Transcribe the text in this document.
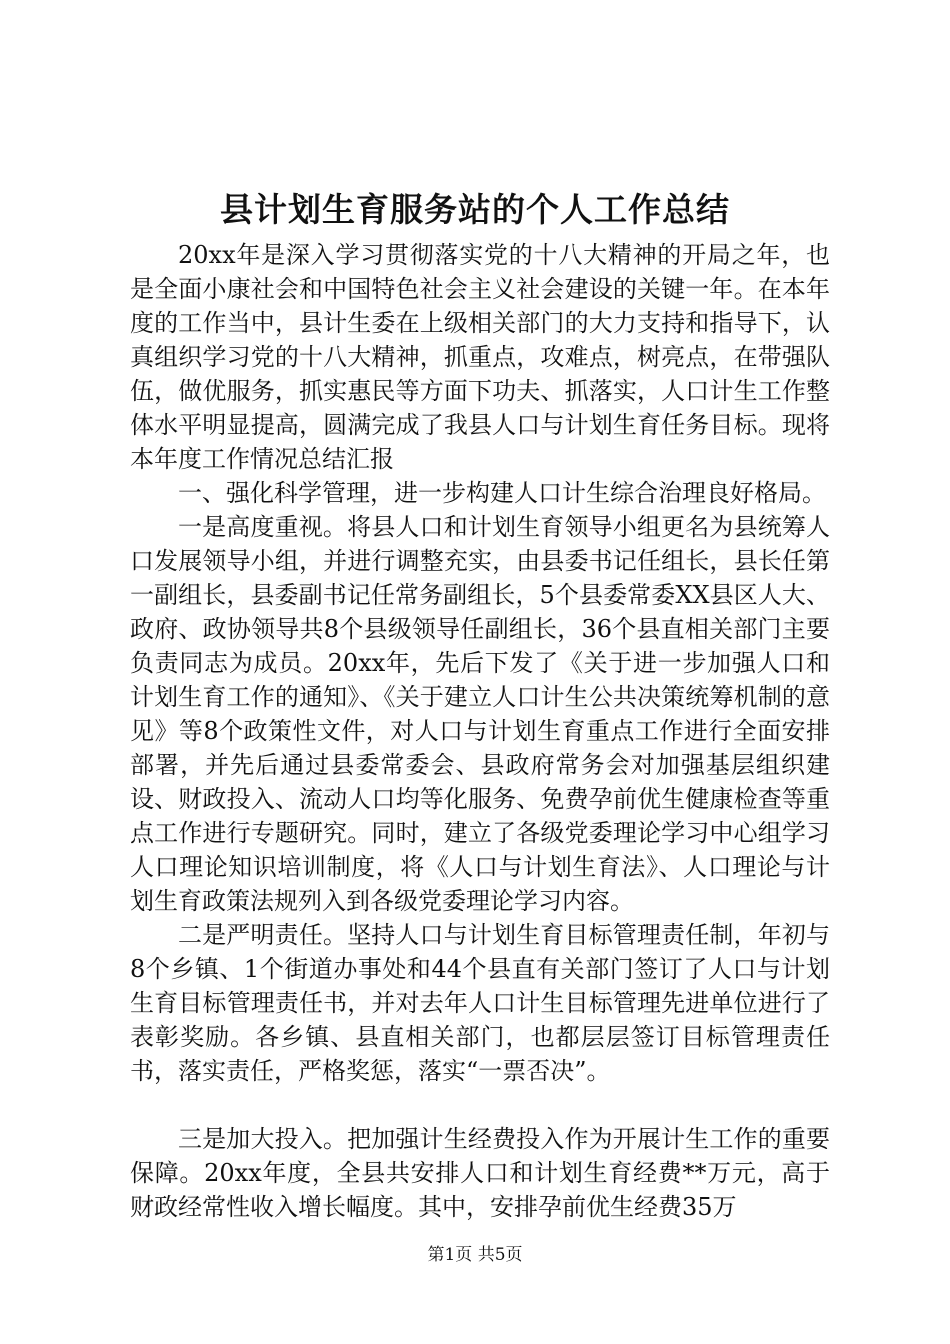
县计划生育服务站的个人工作总结

20xx年是深入学习贯彻落实党的十八大精神的开局之年，也是全面小康社会和中国特色社会主义社会建设的关键一年。在本年度的工作当中，县计生委在上级相关部门的大力支持和指导下，认真组织学习党的十八大精神，抓重点，攻难点，树亮点，在带强队伍，做优服务，抓实惠民等方面下功夫、抓落实，人口计生工作整体水平明显提高，圆满完成了我县人口与计划生育任务目标。现将本年度工作情况总结汇报

一、强化科学管理，进一步构建人口计生综合治理良好格局。

一是高度重视。将县人口和计划生育领导小组更名为县统筹人口发展领导小组，并进行调整充实，由县委书记任组长，县长任第一副组长，县委副书记任常务副组长，5个县委常委XX县区人大、政府、政协领导共8个县级领导任副组长，36个县直相关部门主要负责同志为成员。20xx年，先后下发了《关于进一步加强人口和计划生育工作的通知》、《关于建立人口计生公共决策统筹机制的意见》等8个政策性文件，对人口与计划生育重点工作进行全面安排部署，并先后通过县委常委会、县政府常务会对加强基层组织建设、财政投入、流动人口均等化服务、免费孕前优生健康检查等重点工作进行专题研究。同时，建立了各级党委理论学习中心组学习人口理论知识培训制度，将《人口与计划生育法》、人口理论与计划生育政策法规列入到各级党委理论学习内容。

二是严明责任。坚持人口与计划生育目标管理责任制，年初与8个乡镇、1个街道办事处和44个县直有关部门签订了人口与计划生育目标管理责任书，并对去年人口计生目标管理先进单位进行了表彰奖励。各乡镇、县直相关部门，也都层层签订目标管理责任书，落实责任，严格奖惩，落实“一票否决”。

三是加大投入。把加强计生经费投入作为开展计生工作的重要保障。20xx年度，全县共安排人口和计划生育经费**万元，高于财政经常性收入增长幅度。其中，安排孕前优生经费35万

第1页 共5页
